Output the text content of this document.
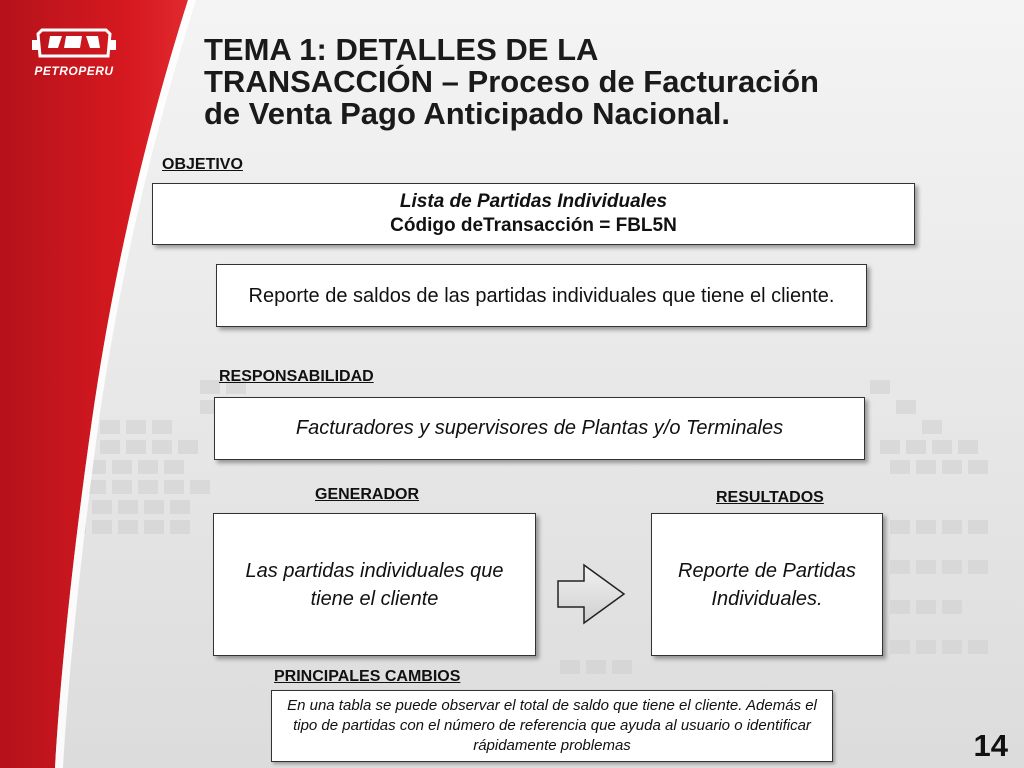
PETROPERU
TEMA 1: DETALLES DE LA
TRANSACCIÓN – Proceso de Facturación
de Venta Pago Anticipado Nacional.
OBJETIVO
Lista de Partidas Individuales
Código deTransacción = FBL5N
Reporte de saldos de las partidas individuales que tiene el cliente.
RESPONSABILIDAD
Facturadores y supervisores de Plantas y/o Terminales
GENERADOR
Las partidas individuales que tiene el cliente
RESULTADOS
Reporte de Partidas Individuales.
PRINCIPALES CAMBIOS
En una tabla se puede observar el total de saldo que tiene el cliente. Además el tipo de partidas con el número de referencia que ayuda al usuario o identificar rápidamente problemas	14
